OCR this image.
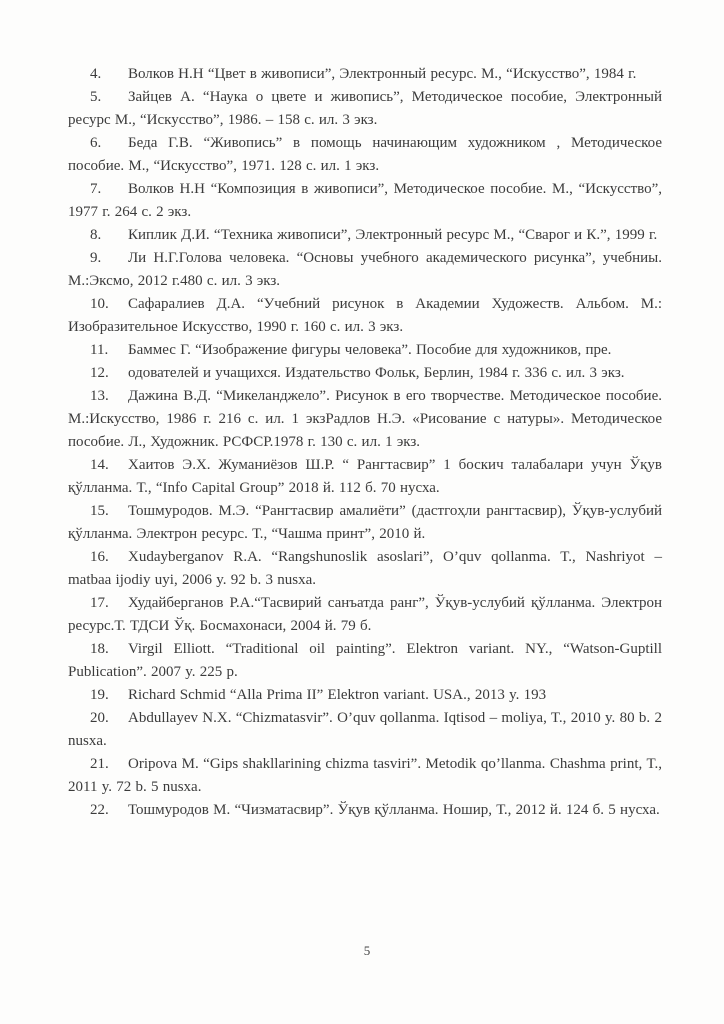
4. Волков Н.Н “Цвет в живописи”, Электронный ресурс. М., “Искусство”, 1984 г.

5. Зайцев А. “Наука о цвете и живопись”, Методическое пособие, Электронный ресурс М., “Искусство”, 1986. – 158 с. ил. 3 экз.

6. Беда Г.В. “Живопись” в помощь начинающим художником , Методическое пособие. М., “Искусство”, 1971. 128 с. ил. 1 экз.

7. Волков Н.Н “Композиция в живописи”, Методическое пособие. М., “Искусство”, 1977 г. 264 с. 2 экз.

8. Киплик Д.И. “Техника живописи”, Электронный ресурс М., “Сварог и К.”, 1999 г.

9. Ли Н.Г.Голова человека. “Основы учебного академического рисунка”, учебниы. М.:Эксмо, 2012 г.480 с. ил. 3 экз.

10. Сафаралиев Д.А. “Учебний рисунок в Академии Художеств. Альбом. М.: Изобразительное Искусство, 1990 г. 160 с. ил. 3 экз.

11. Баммес Г. “Изображение фигуры человека”. Пособие для художников, пре.

12. одователей и учащихся. Издательство Фольк, Берлин, 1984 г. 336 с. ил. 3 экз.

13. Дажина В.Д. “Микеланджело”. Рисунок в его творчестве. Методическое пособие. М.:Искусство, 1986 г. 216 с. ил. 1 экзРадлов Н.Э. «Рисование с натуры». Методическое пособие. Л., Художник. РСФСР.1978 г. 130 с. ил. 1 экз.

14. Хаитов Э.Х. Жуманиёзов Ш.Р. “ Рангтасвир” 1 боскич талабалари учун Ўқув қўлланма. Т., “Info Capital Group” 2018 й. 112 б. 70 нусха.

15. Тошмуродов. М.Э. “Рангтасвир амалиёти” (дастгоҳли рангтасвир), Ўқув-услубий қўлланма. Электрон ресурс. Т., “Чашма принт”, 2010 й.

16. Xudayberganov R.A. “Rangshunoslik asoslari”, O’quv qollanma. T., Nashriyot – matbaa ijodiy uyi, 2006 y. 92 b. 3 nusxa.

17. Худайберганов Р.А.“Тасвирий санъатда ранг”, Ўқув-услубий қўлланма. Электрон ресурс.Т. ТДСИ Ўқ. Босмахонаси, 2004 й. 79 б.

18. Virgil Elliott. “Traditional oil painting”. Elektron variant. NY., “Watson-Guptill Publication”. 2007 y. 225 p.

19. Richard Schmid “Alla Prima II” Elektron variant. USA., 2013 y. 193

20. Abdullayev N.X. “Chizmatasvir”. O’quv qollanma. Iqtisod – moliya, T., 2010 y. 80 b. 2 nusxa.

21. Oripova M. “Gips shakllarining chizma tasviri”. Metodik qo’llanma. Chashma print, T., 2011 y. 72 b. 5 nusxa.

22. Тошмуродов М. “Чизматасвир”. Ўқув қўлланма. Ношир, Т., 2012 й. 124 б. 5 нусха.

5
